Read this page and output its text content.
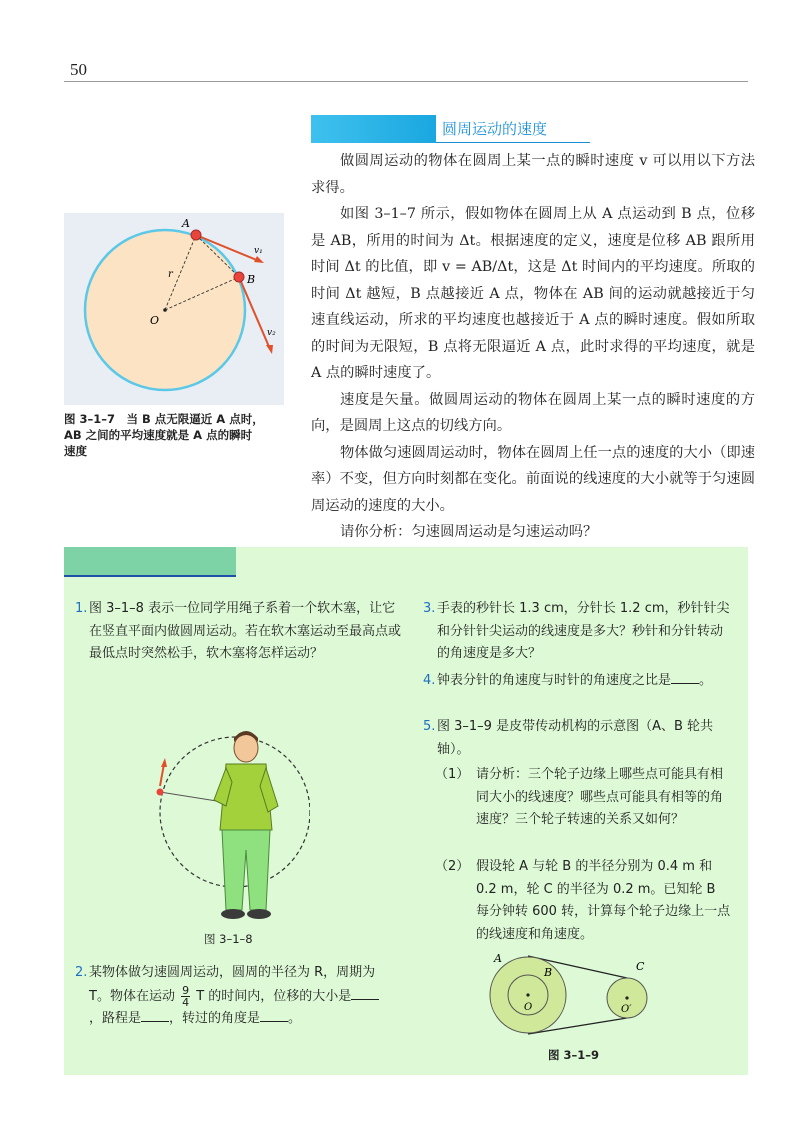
50
圆周运动的速度

做圆周运动的物体在圆周上某一点的瞬时速度 v 可以用以下方法求得。

如图 3–1–7 所示，假如物体在圆周上从 A 点运动到 B 点，位移是 AB，所用的时间为 Δt。根据速度的定义，速度是位移 AB 跟所用时间 Δt 的比值，即 v = AB/Δt，这是 Δt 时间内的平均速度。所取的时间 Δt 越短，B 点越接近 A 点，物体在 AB 间的运动就越接近于匀速直线运动，所求的平均速度也越接近于 A 点的瞬时速度。假如所取的时间为无限短，B 点将无限逼近 A 点，此时求得的平均速度，就是 A 点的瞬时速度了。

速度是矢量。做圆周运动的物体在圆周上某一点的瞬时速度的方向，是圆周上这点的切线方向。

物体做匀速圆周运动时，物体在圆周上任一点的速度的大小（即速率）不变，但方向时刻都在变化。前面说的线速度的大小就等于匀速圆周运动的速度的大小。

请你分析：匀速圆周运动是匀速运动吗？

A
B
O
r
v₁
v₂
图 3–1–7　当 B 点无限逼近 A 点时，
AB 之间的平均速度就是 A 点的瞬时
速度
1. 图 3–1–8 表示一位同学用绳子系着一个软木塞，让它在竖直平面内做圆周运动。若在软木塞运动至最高点或最低点时突然松手，软木塞将怎样运动？
图 3–1–8
2. 某物体做匀速圆周运动，圆周的半径为 R，周期为 T。物体在运动 $\frac{9}{4}$ T 的时间内，位移的大小是，路程是 ，转过的角度是 。
3. 手表的秒针长 1.3 cm，分针长 1.2 cm，秒针针尖和分针针尖运动的线速度是多大？秒针和分针转动的角速度是多大？
4. 钟表分针的角速度与时针的角速度之比是 。
5. 图 3–1–9 是皮带传动机构的示意图（A、B 轮共轴）。
（1） 请分析：三个轮子边缘上哪些点可能具有相同大小的线速度？哪些点可能具有相等的角速度？三个轮子转速的关系又如何？
（2） 假设轮 A 与轮 B 的半径分别为 0.4 m 和 0.2 m，轮 C 的半径为 0.2 m。已知轮 B 每分钟转 600 转，计算每个轮子边缘上一点的线速度和角速度。
A
B	C
O	O′
图 3–1–9
